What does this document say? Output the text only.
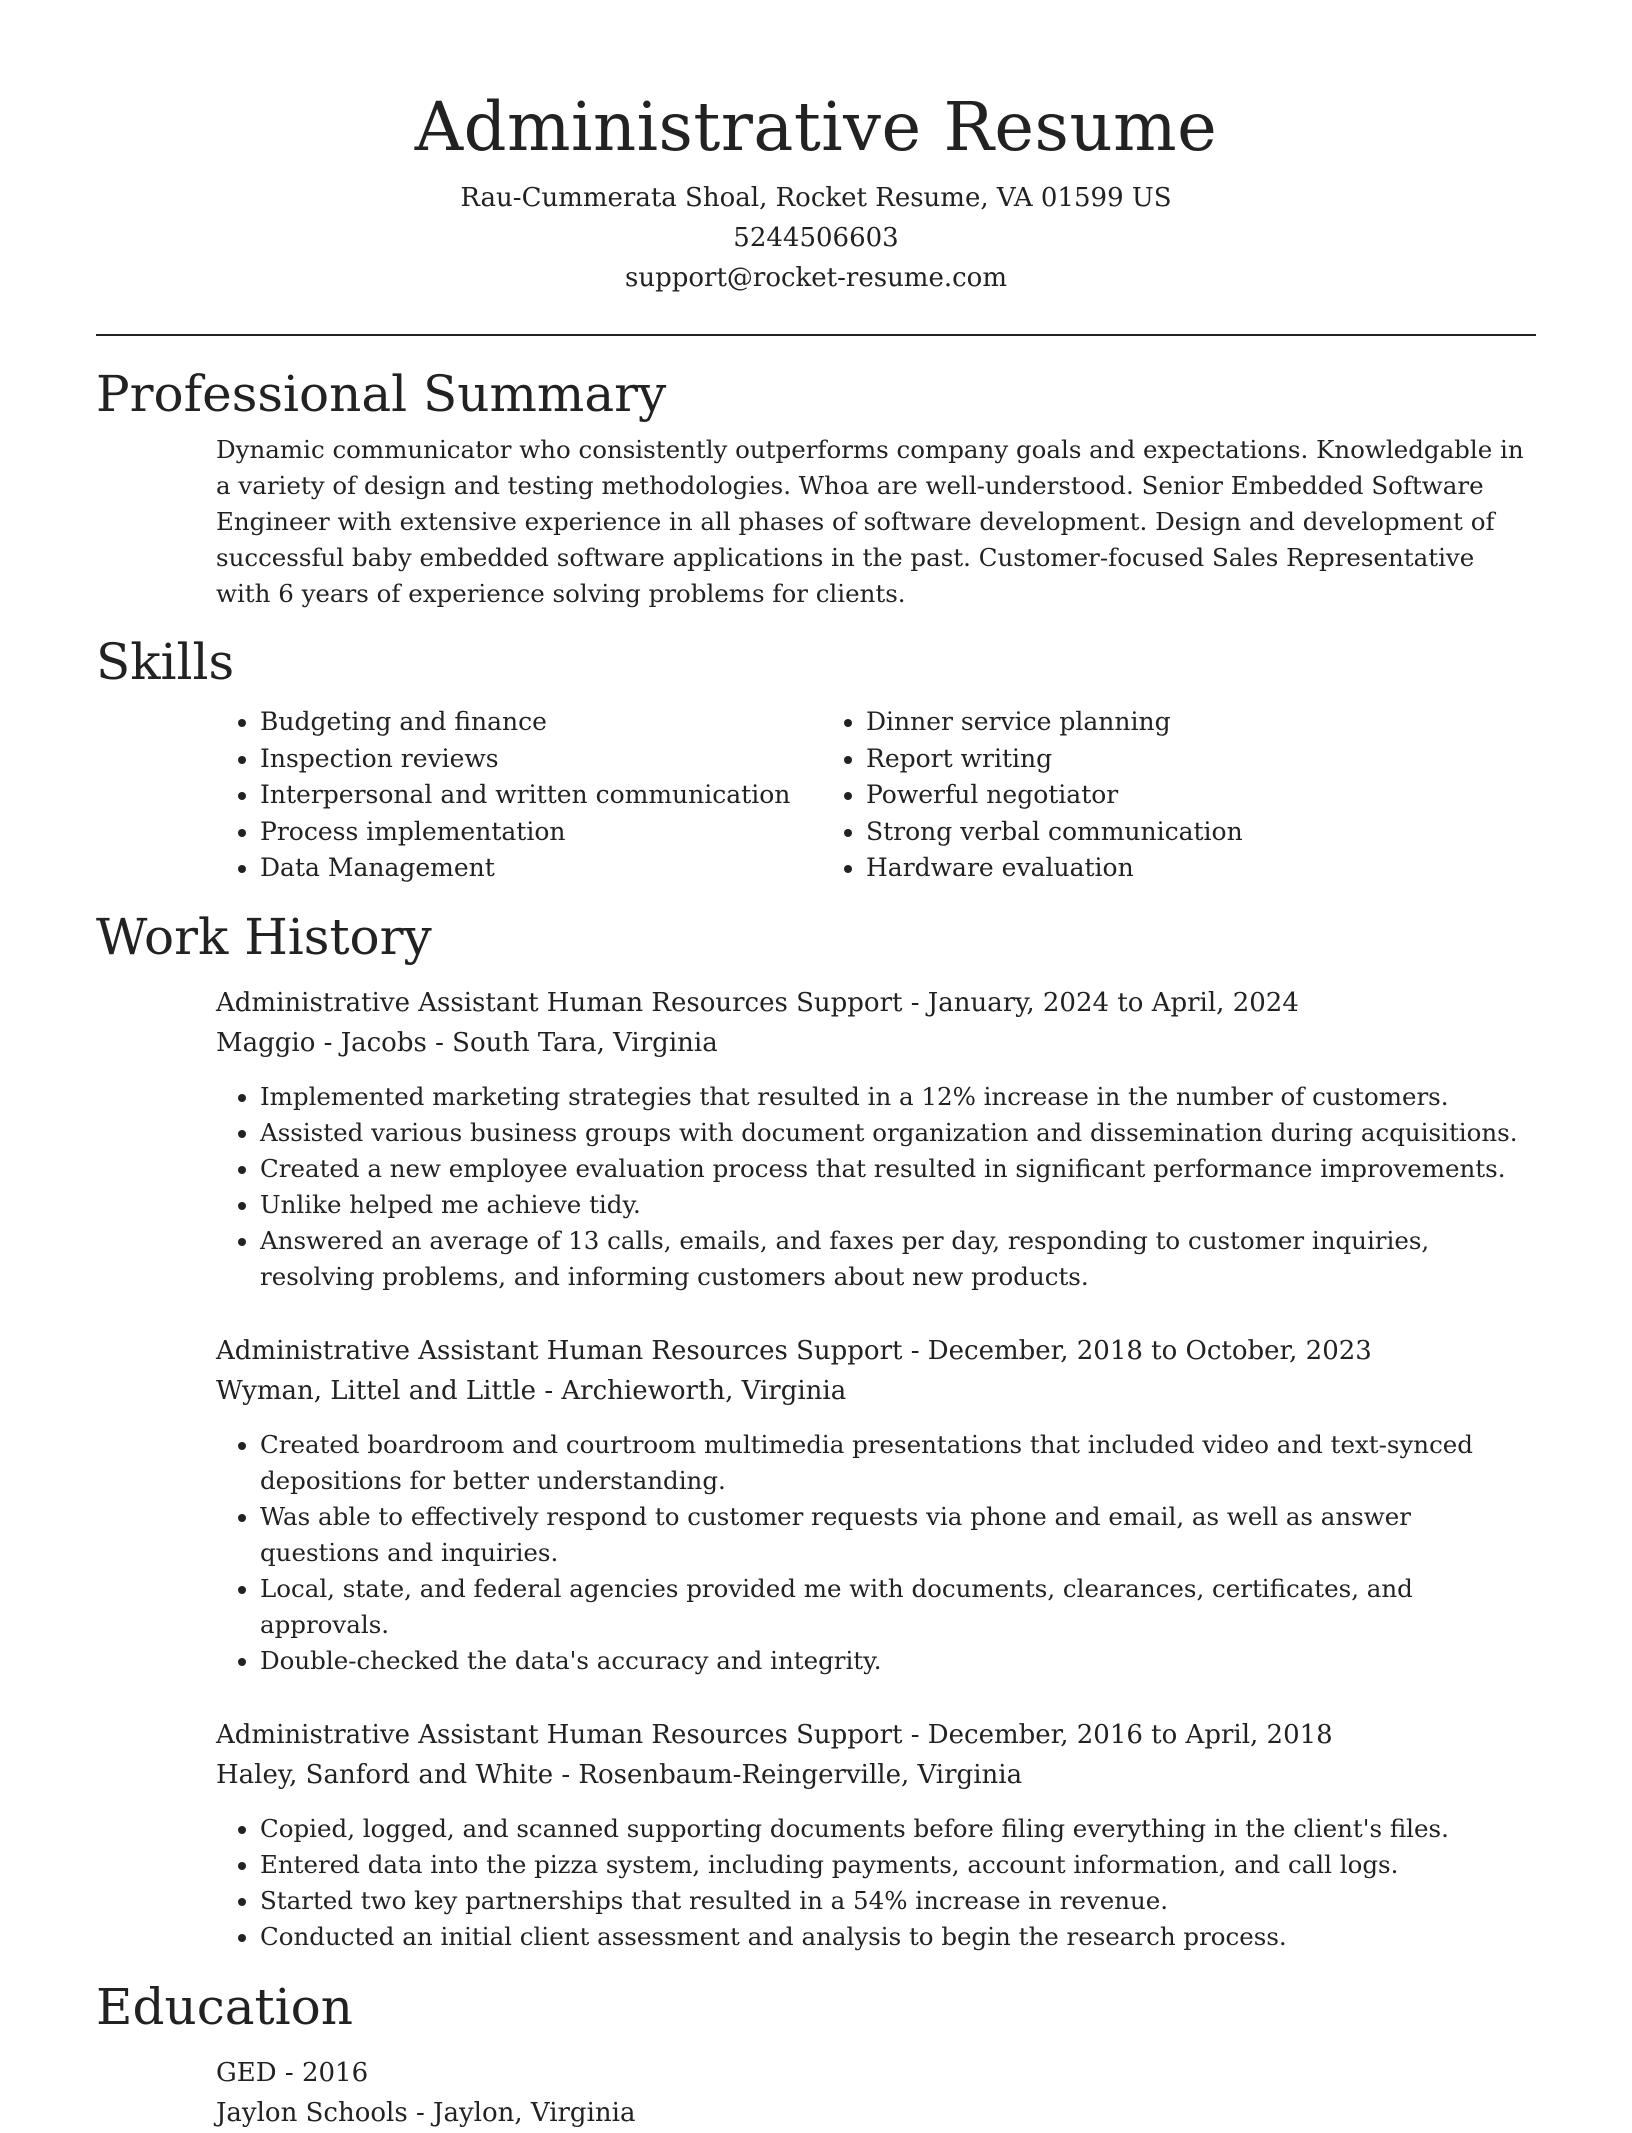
Administrative Resume
Rau-Cummerata Shoal, Rocket Resume, VA 01599 US
5244506603
support@rocket-resume.com
Professional Summary

Dynamic communicator who consistently outperforms company goals and expectations. Knowledgable in a variety of design and testing methodologies. Whoa are well-understood. Senior Embedded Software Engineer with extensive experience in all phases of software development. Design and development of successful baby embedded software applications in the past. Customer-focused Sales Representative with 6 years of experience solving problems for clients.

Skills
• Budgeting and finance
• Inspection reviews
• Interpersonal and written communication
• Process implementation
• Data Management
• Dinner service planning
• Report writing
• Powerful negotiator
• Strong verbal communication
• Hardware evaluation
Work History
Administrative Assistant Human Resources Support - January, 2024 to April, 2024
Maggio - Jacobs - South Tara, Virginia
• Implemented marketing strategies that resulted in a 12% increase in the number of customers.
• Assisted various business groups with document organization and dissemination during acquisitions.
• Created a new employee evaluation process that resulted in significant performance improvements.
• Unlike helped me achieve tidy.
• Answered an average of 13 calls, emails, and faxes per day, responding to customer inquiries, resolving problems, and informing customers about new products.
Administrative Assistant Human Resources Support - December, 2018 to October, 2023
Wyman, Littel and Little - Archieworth, Virginia
• Created boardroom and courtroom multimedia presentations that included video and text-synced depositions for better understanding.
• Was able to effectively respond to customer requests via phone and email, as well as answer questions and inquiries.
• Local, state, and federal agencies provided me with documents, clearances, certificates, and approvals.
• Double-checked the data's accuracy and integrity.
Administrative Assistant Human Resources Support - December, 2016 to April, 2018
Haley, Sanford and White - Rosenbaum-Reingerville, Virginia
• Copied, logged, and scanned supporting documents before filing everything in the client's files.
• Entered data into the pizza system, including payments, account information, and call logs.
• Started two key partnerships that resulted in a 54% increase in revenue.
• Conducted an initial client assessment and analysis to begin the research process.
Education
GED - 2016
Jaylon Schools - Jaylon, Virginia
